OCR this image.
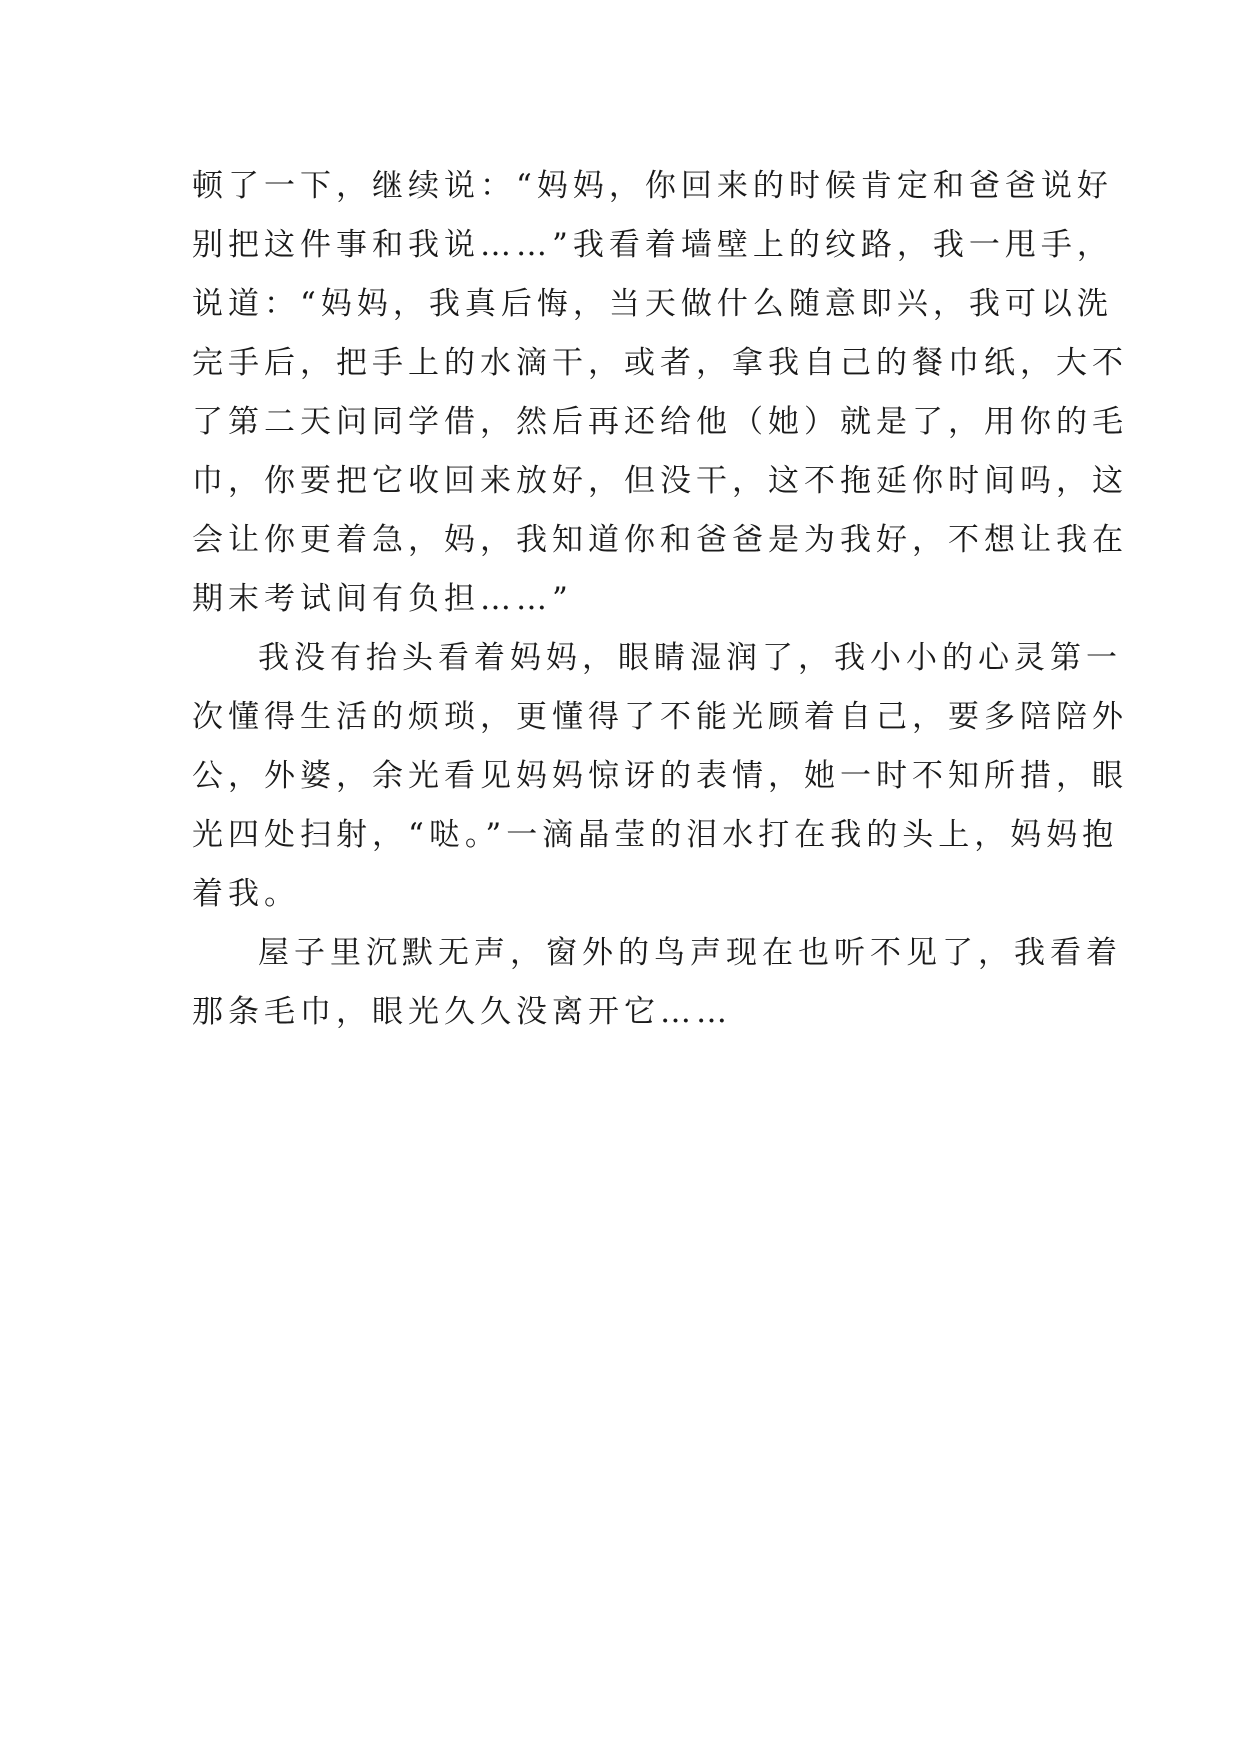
顿了一下，继续说：“妈妈，你回来的时候肯定和爸爸说好
别把这件事和我说……”我看着墙壁上的纹路，我一甩手，
说道：“妈妈，我真后悔，当天做什么随意即兴，我可以洗
完手后，把手上的水滴干，或者，拿我自己的餐巾纸，大不
了第二天问同学借，然后再还给他（她）就是了，用你的毛
巾，你要把它收回来放好，但没干，这不拖延你时间吗，这
会让你更着急，妈，我知道你和爸爸是为我好，不想让我在
期末考试间有负担……”
我没有抬头看着妈妈，眼睛湿润了，我小小的心灵第一
次懂得生活的烦琐，更懂得了不能光顾着自己，要多陪陪外
公，外婆，余光看见妈妈惊讶的表情，她一时不知所措，眼
光四处扫射，“哒。”一滴晶莹的泪水打在我的头上，妈妈抱
着我。
屋子里沉默无声，窗外的鸟声现在也听不见了，我看着
那条毛巾，眼光久久没离开它……
